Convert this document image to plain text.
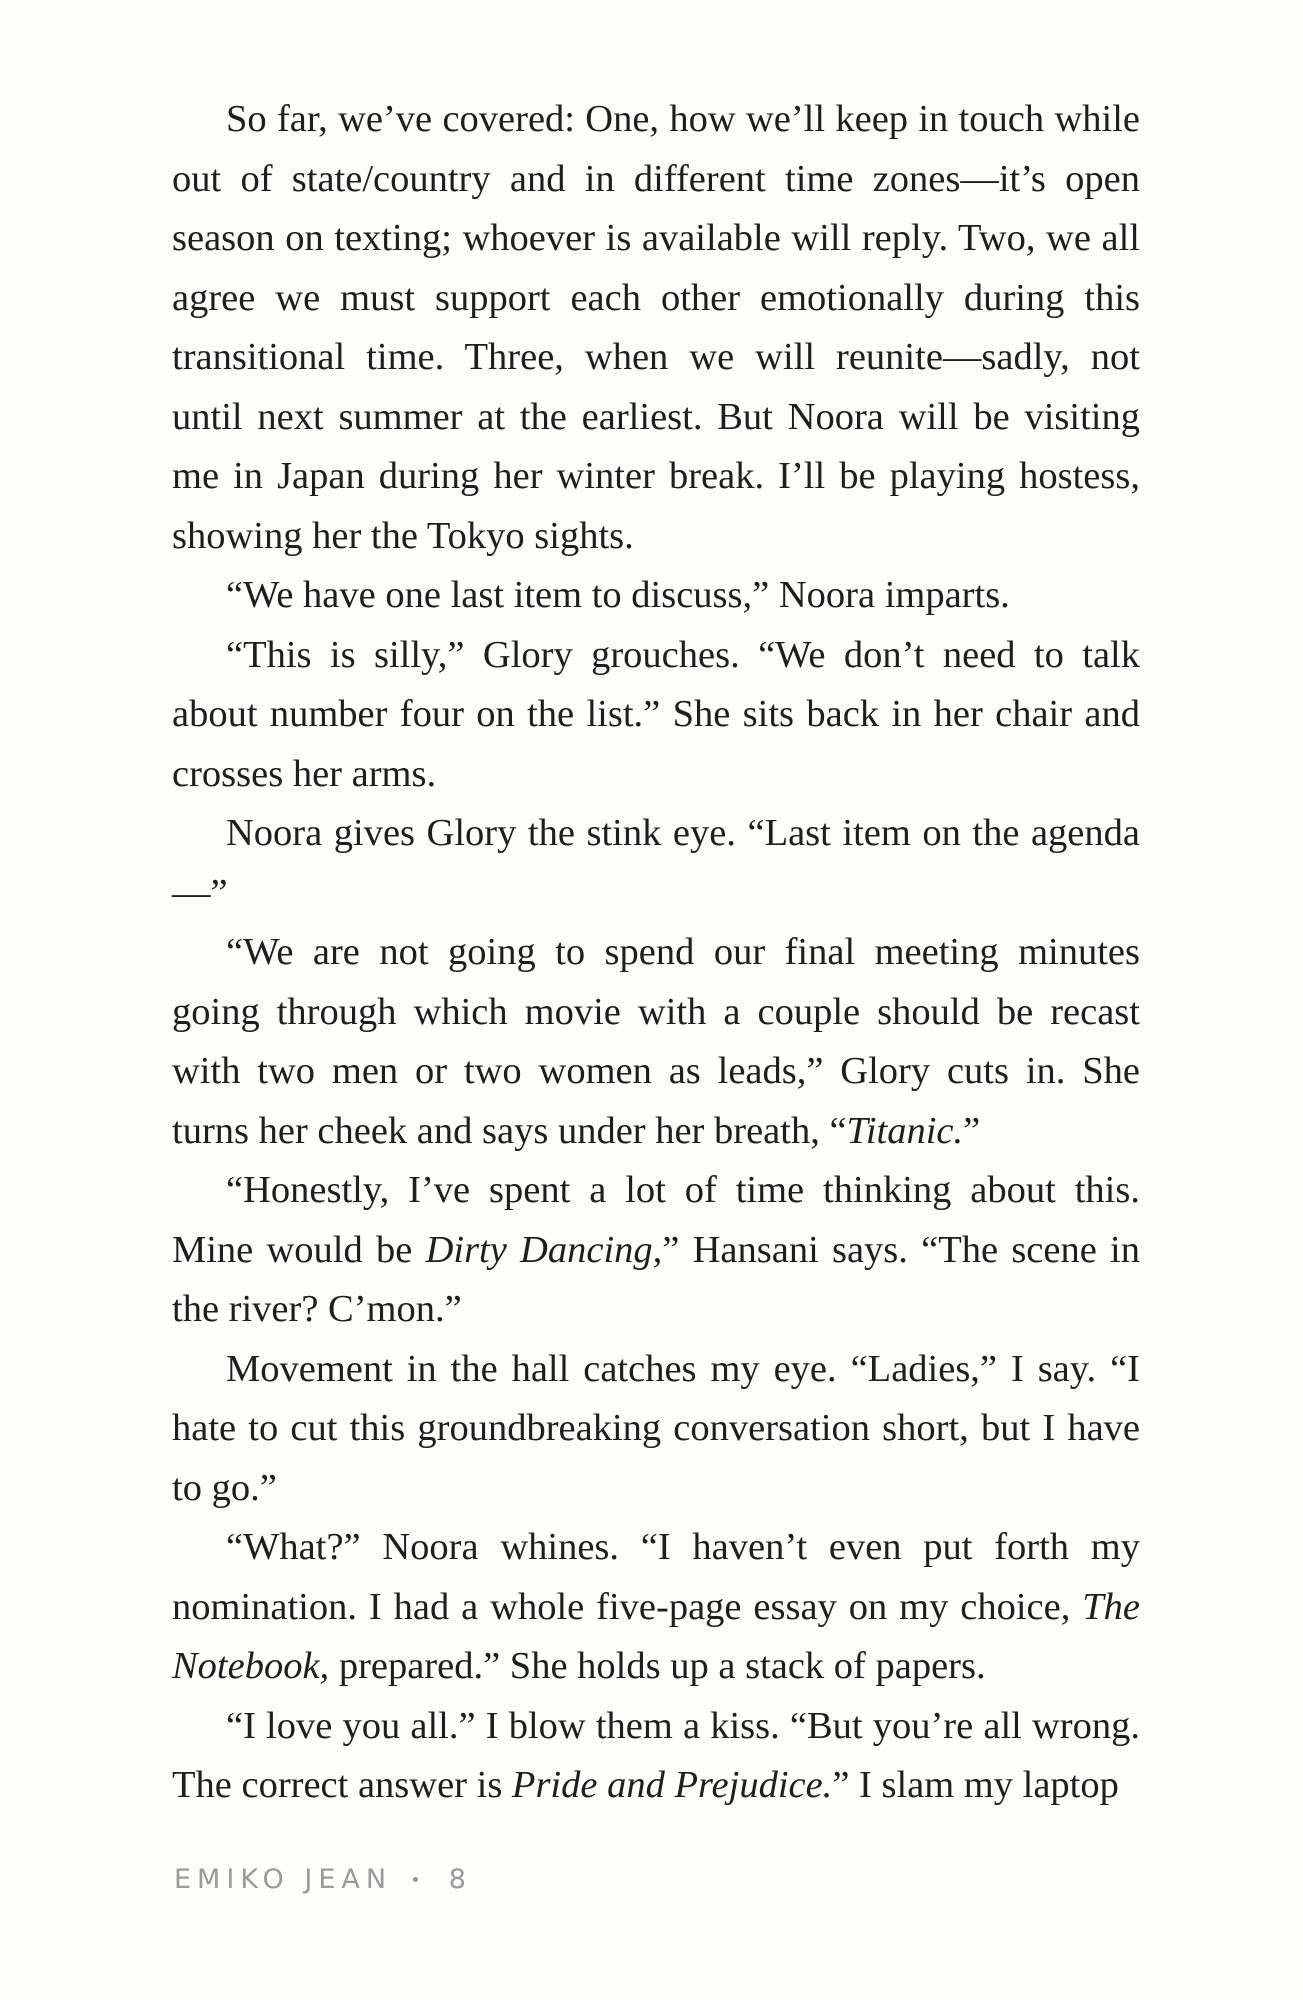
So far, we’ve covered: One, how we’ll keep in touch while out of state/country and in different time zones—it’s open season on texting; whoever is available will reply. Two, we all agree we must support each other emotionally during this transitional time. Three, when we will reunite—sadly, not until next summer at the earliest. But Noora will be visiting me in Japan during her winter break. I’ll be playing hostess, showing her the Tokyo sights.

“We have one last item to discuss,” Noora imparts.

“This is silly,” Glory grouches. “We don’t need to talk about number four on the list.” She sits back in her chair and crosses her arms.

Noora gives Glory the stink eye. “Last item on the agenda—”

“We are not going to spend our final meeting minutes going through which movie with a couple should be recast with two men or two women as leads,” Glory cuts in. She turns her cheek and says under her breath, “Titanic.”

“Honestly, I’ve spent a lot of time thinking about this. Mine would be Dirty Dancing,” Hansani says. “The scene in the river? C’mon.”

Movement in the hall catches my eye. “Ladies,” I say. “I hate to cut this groundbreaking conversation short, but I have to go.”

“What?” Noora whines. “I haven’t even put forth my nomination. I had a whole five-page essay on my choice, The Notebook, prepared.” She holds up a stack of papers.

“I love you all.” I blow them a kiss. “But you’re all wrong. The correct answer is Pride and Prejudice.” I slam my laptop

EMIKO JEAN • 8
